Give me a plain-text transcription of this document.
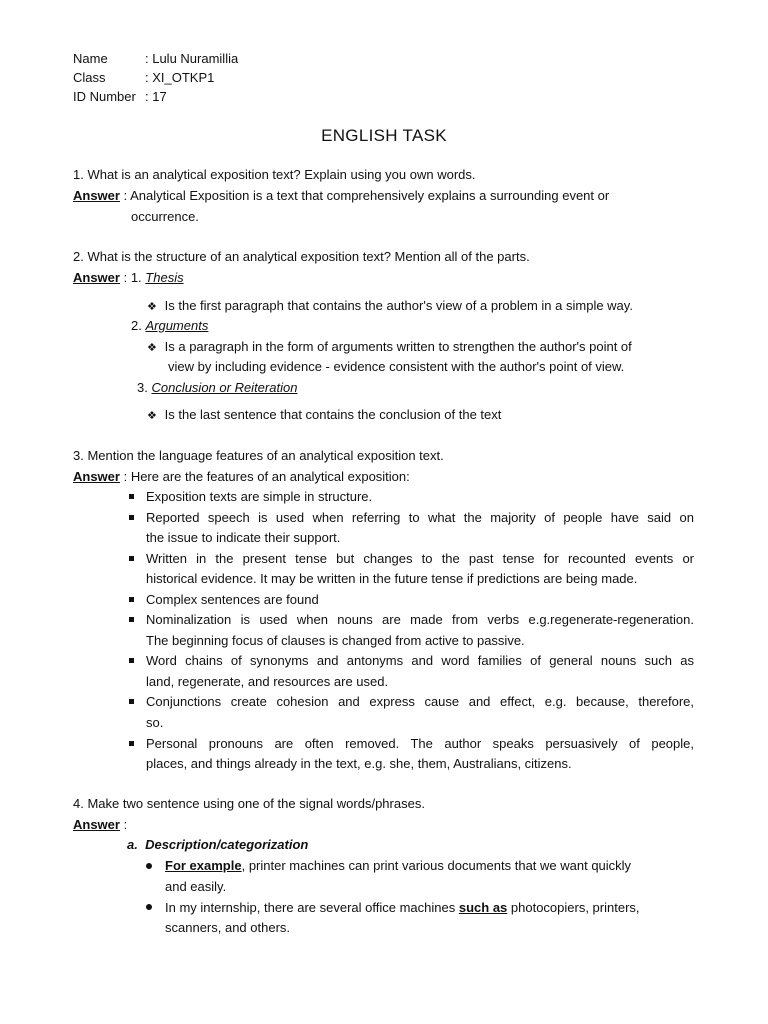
Name	: Lulu Nuramillia
Class	: XI_OTKP1
ID Number : 17
ENGLISH TASK
1. What is an analytical exposition text? Explain using you own words.
Answer : Analytical Exposition is a text that comprehensively explains a surrounding event or
occurrence.
2. What is the structure of an analytical exposition text? Mention all of the parts.
Answer : 1. Thesis
❖ Is the first paragraph that contains the author's view of a problem in a simple way.
2. Arguments
❖ Is a paragraph in the form of arguments written to strengthen the author's point of
view by including evidence - evidence consistent with the author's point of view.
3. Conclusion or Reiteration
❖ Is the last sentence that contains the conclusion of the text
3. Mention the language features of an analytical exposition text.
Answer : Here are the features of an analytical exposition:
Exposition texts are simple in structure.
Reported speech is used when referring to what the majority of people have said on
the issue to indicate their support.
Written in the present tense but changes to the past tense for recounted events or
historical evidence. It may be written in the future tense if predictions are being made.
Complex sentences are found
Nominalization is used when nouns are made from verbs e.g.regenerate-regeneration.
The beginning focus of clauses is changed from active to passive.
Word chains of synonyms and antonyms and word families of general nouns such as
land, regenerate, and resources are used.
Conjunctions create cohesion and express cause and effect, e.g. because, therefore,
so.
Personal pronouns are often removed. The author speaks persuasively of people,
places, and things already in the text, e.g. she, them, Australians, citizens.
4. Make two sentence using one of the signal words/phrases.
Answer :
a. Description/categorization
For example , printer machines can print various documents that we want quickly
and easily.
In my internship, there are several office machines such as photocopiers, printers,
scanners, and others.
